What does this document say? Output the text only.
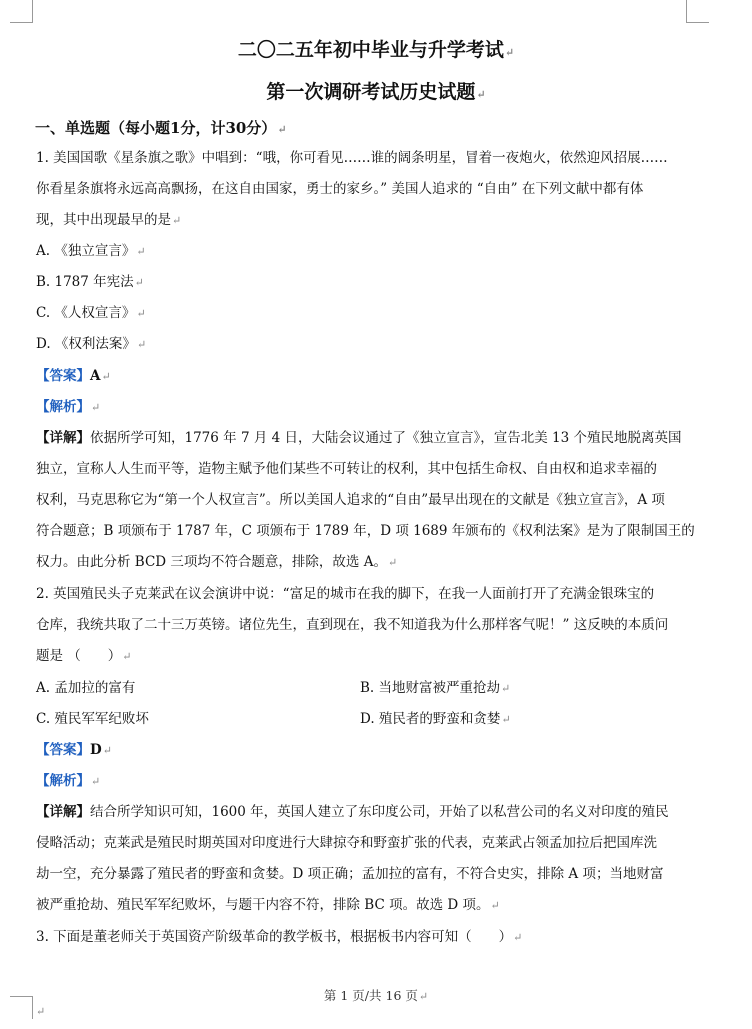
二〇二五年初中毕业与升学考试↵
第一次调研考试历史试题↵
一、单选题（每小题1分，计30分）↵
1. 美国国歌《星条旗之歌》中唱到：“哦，你可看见……谁的阔条明星，冒着一夜炮火，依然迎风招展……
你看星条旗将永远高高飘扬，在这自由国家，勇士的家乡。” 美国人追求的 “自由” 在下列文献中都有体
现，其中出现最早的是↵
A. 《独立宣言》↵
B. 1787 年宪法↵
C. 《人权宣言》↵
D. 《权利法案》↵
【答案】A↵
【解析】↵
【详解】依据所学可知，1776 年 7 月 4 日，大陆会议通过了《独立宣言》，宣告北美 13 个殖民地脱离英国
独立，宣称人人生而平等，造物主赋予他们某些不可转让的权利，其中包括生命权、自由权和追求幸福的
权利，马克思称它为“第一个人权宣言”。所以美国人追求的“自由”最早出现在的文献是《独立宣言》，A 项
符合题意；B 项颁布于 1787 年，C 项颁布于 1789 年，D 项 1689 年颁布的《权利法案》是为了限制国王的
权力。由此分析 BCD 三项均不符合题意，排除，故选 A。↵
2. 英国殖民头子克莱武在议会演讲中说：“富足的城市在我的脚下，在我一人面前打开了充满金银珠宝的
仓库，我统共取了二十三万英镑。诸位先生，直到现在，我不知道我为什么那样客气呢！” 这反映的本质问
题是 （　　）↵
A. 孟加拉的富有	B. 当地财富被严重抢劫↵
C. 殖民军军纪败坏	D. 殖民者的野蛮和贪婪↵
【答案】D↵
【解析】↵
【详解】结合所学知识可知，1600 年，英国人建立了东印度公司，开始了以私营公司的名义对印度的殖民
侵略活动；克莱武是殖民时期英国对印度进行大肆掠夺和野蛮扩张的代表，克莱武占领孟加拉后把国库洗
劫一空，充分暴露了殖民者的野蛮和贪婪。D 项正确；孟加拉的富有，不符合史实，排除 A 项；当地财富
被严重抢劫、殖民军军纪败坏，与题干内容不符，排除 BC 项。故选 D 项。↵
3. 下面是董老师关于英国资产阶级革命的教学板书，根据板书内容可知（　　）↵
第 1 页/共 16 页↵
↵
